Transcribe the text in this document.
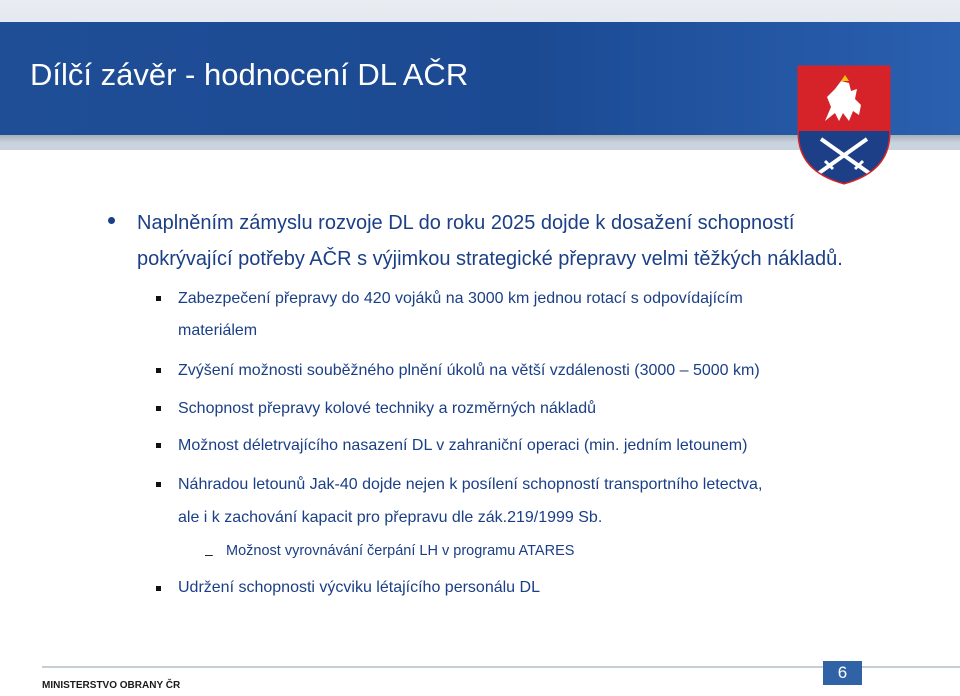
Dílčí závěr - hodnocení DL AČR
Naplněním zámyslu rozvoje DL do roku 2025 dojde k dosažení schopností pokrývající potřeby AČR s výjimkou strategické přepravy velmi těžkých nákladů.
Zabezpečení přepravy do 420 vojáků na 3000 km jednou rotací s odpovídajícím
materiálem
Zvýšení možnosti souběžného plnění úkolů na větší vzdálenosti (3000 – 5000 km)
Schopnost přepravy kolové techniky a rozměrných nákladů
Možnost déletrvajícího nasazení DL v zahraniční operaci (min. jedním letounem)
Náhradou letounů Jak-40 dojde nejen k posílení schopností transportního letectva,
ale i k zachování kapacit pro přepravu dle zák.219/1999 Sb.
– Možnost vyrovnávání čerpání LH v programu ATARES
Udržení schopnosti výcviku létajícího personálu DL
MINISTERSTVO OBRANY ČR
6
